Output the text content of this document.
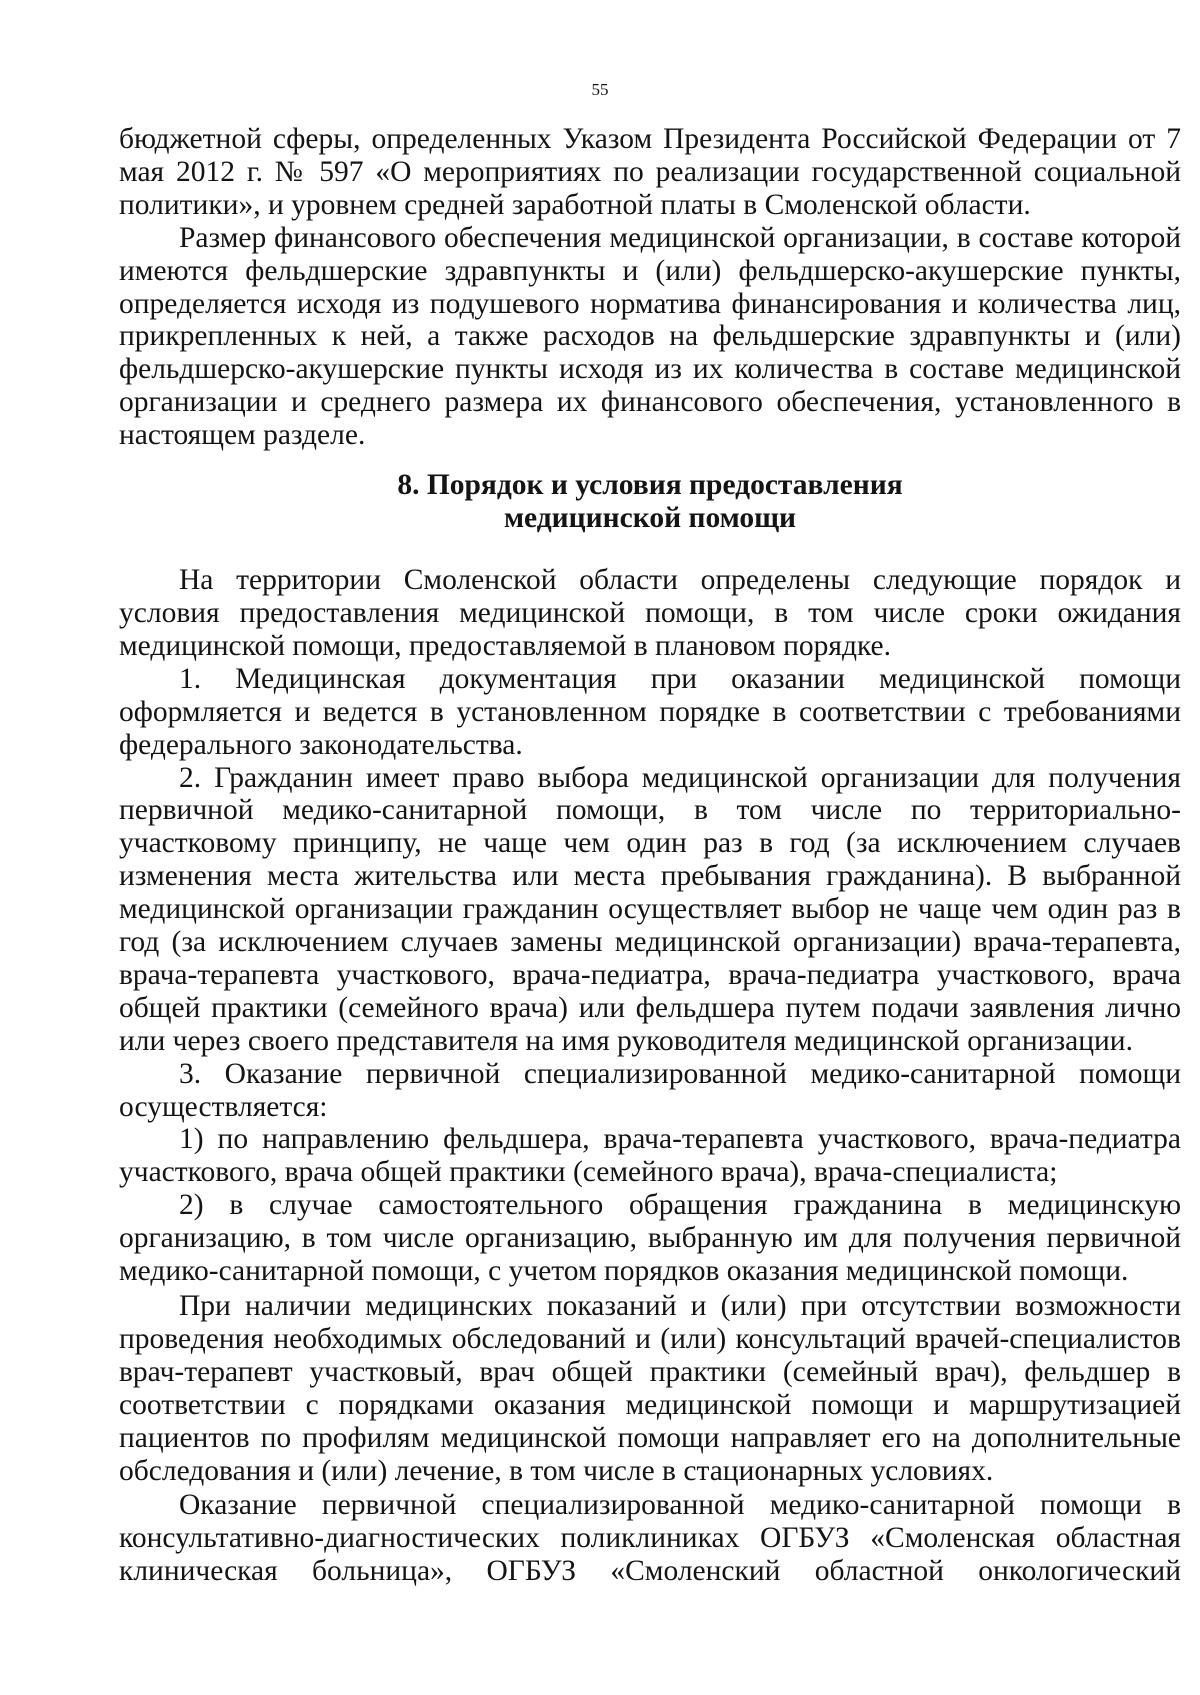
55

бюджетной сферы, определенных Указом Президента Российской Федерации от 7 мая 2012 г. № 597 «О мероприятиях по реализации государственной социальной политики», и уровнем средней заработной платы в Смоленской области.

Размер финансового обеспечения медицинской организации, в составе которой имеются фельдшерские здравпункты и (или) фельдшерско-акушерские пункты, определяется исходя из подушевого норматива финансирования и количества лиц, прикрепленных к ней, а также расходов на фельдшерские здравпункты и (или) фельдшерско-акушерские пункты исходя из их количества в составе медицинской организации и среднего размера их финансового обеспечения, установленного в настоящем разделе.

8. Порядок и условия предоставления
медицинской помощи

На территории Смоленской области определены следующие порядок и условия предоставления медицинской помощи, в том числе сроки ожидания медицинской помощи, предоставляемой в плановом порядке.

1. Медицинская документация при оказании медицинской помощи оформляется и ведется в установленном порядке в соответствии с требованиями федерального законодательства.

2. Гражданин имеет право выбора медицинской организации для получения первичной медико-санитарной помощи, в том числе по территориально-участковому принципу, не чаще чем один раз в год (за исключением случаев изменения места жительства или места пребывания гражданина). В выбранной медицинской организации гражданин осуществляет выбор не чаще чем один раз в год (за исключением случаев замены медицинской организации) врача-терапевта, врача-терапевта участкового, врача-педиатра, врача-педиатра участкового, врача общей практики (семейного врача) или фельдшера путем подачи заявления лично или через своего представителя на имя руководителя медицинской организации.

3. Оказание первичной специализированной медико-санитарной помощи осуществляется:

1) по направлению фельдшера, врача-терапевта участкового, врача-педиатра участкового, врача общей практики (семейного врача), врача-специалиста;

2) в случае самостоятельного обращения гражданина в медицинскую организацию, в том числе организацию, выбранную им для получения первичной медико-санитарной помощи, с учетом порядков оказания медицинской помощи.

При наличии медицинских показаний и (или) при отсутствии возможности проведения необходимых обследований и (или) консультаций врачей-специалистов врач-терапевт участковый, врач общей практики (семейный врач), фельдшер в соответствии с порядками оказания медицинской помощи и маршрутизацией пациентов по профилям медицинской помощи направляет его на дополнительные обследования и (или) лечение, в том числе в стационарных условиях.

Оказание первичной специализированной медико-санитарной помощи в консультативно-диагностических поликлиниках ОГБУЗ «Смоленская областная клиническая больница», ОГБУЗ «Смоленский областной онкологический
